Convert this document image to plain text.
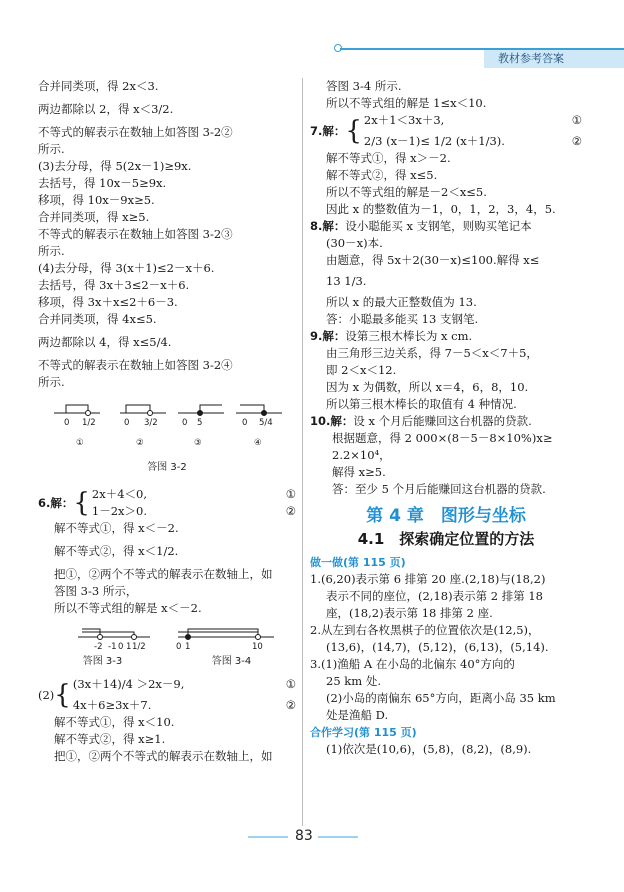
教材参考答案
合并同类项，得 2x＜3.
两边都除以 2，得 x＜3/2.
不等式的解表示在数轴上如答图 3-2②
所示.
(3)去分母，得 5(2x－1)≥9x.
去括号，得 10x－5≥9x.
移项，得 10x－9x≥5.
合并同类项，得 x≥5.
不等式的解表示在数轴上如答图 3-2③
所示.
(4)去分母，得 3(x＋1)≤2－x＋6.
去括号，得 3x＋3≤2－x＋6.
移项，得 3x＋x≤2＋6－3.
合并同类项，得 4x≤5.
两边都除以 4，得 x≤5/4.
不等式的解表示在数轴上如答图 3-2④
所示.
0 1/2	0 3/2	0 5	0 5/4
①	②	③	④
答图 3-2
6.解： { 2x＋4＜0,	①
1－2x＞0.	②
解不等式①，得 x＜－2.
解不等式②，得 x＜1/2.
把①，②两个不等式的解表示在数轴上，如
答图 3-3 所示，
所以不等式组的解是 x＜－2.
-2 -1 0 1 1/2	0 1	10
答图 3-3	答图 3-4
(2) { (3x＋14)/4 ＞2x－9,	①
4x＋6≥3x＋7.	②
解不等式①，得 x＜10.
解不等式②，得 x≥1.
把①，②两个不等式的解表示在数轴上，如
答图 3-4 所示.
所以不等式组的解是 1≤x＜10.
7.解： { 2x＋1＜3x＋3,	①
2/3 (x－1)≤ 1/2 (x＋1/3).	②
解不等式①，得 x＞－2.
解不等式②，得 x≤5.
所以不等式组的解是－2＜x≤5.
因此 x 的整数值为－1，0，1，2，3，4，5.
8.解：设小聪能买 x 支钢笔，则购买笔记本
(30－x)本.
由题意，得 5x＋2(30－x)≤100.解得 x≤
13 1/3.
所以 x 的最大正整数值为 13.
答：小聪最多能买 13 支钢笔.
9.解：设第三根木棒长为 x cm.
由三角形三边关系，得 7－5＜x＜7＋5，
即 2＜x＜12.
因为 x 为偶数，所以 x＝4，6，8，10.
所以第三根木棒长的取值有 4 种情况.
10.解：设 x 个月后能赚回这台机器的贷款.
根据题意，得 2 000×(8－5－8×10%)x≥
2.2×10⁴，
解得 x≥5.
答：至少 5 个月后能赚回这台机器的贷款.
第 4 章　图形与坐标
4.1　探索确定位置的方法
做一做(第 115 页)
1.(6,20)表示第 6 排第 20 座.(2,18)与(18,2)
表示不同的座位，(2,18)表示第 2 排第 18
座，(18,2)表示第 18 排第 2 座.
2.从左到右各枚黑棋子的位置依次是(12,5)，
(13,6)，(14,7)，(5,12)，(6,13)，(5,14).
3.(1)渔船 A 在小岛的北偏东 40°方向的
25 km 处.
(2)小岛的南偏东 65°方向，距离小岛 35 km
处是渔船 D.
合作学习(第 115 页)
(1)依次是(10,6)，(5,8)，(8,2)，(8,9).
83
